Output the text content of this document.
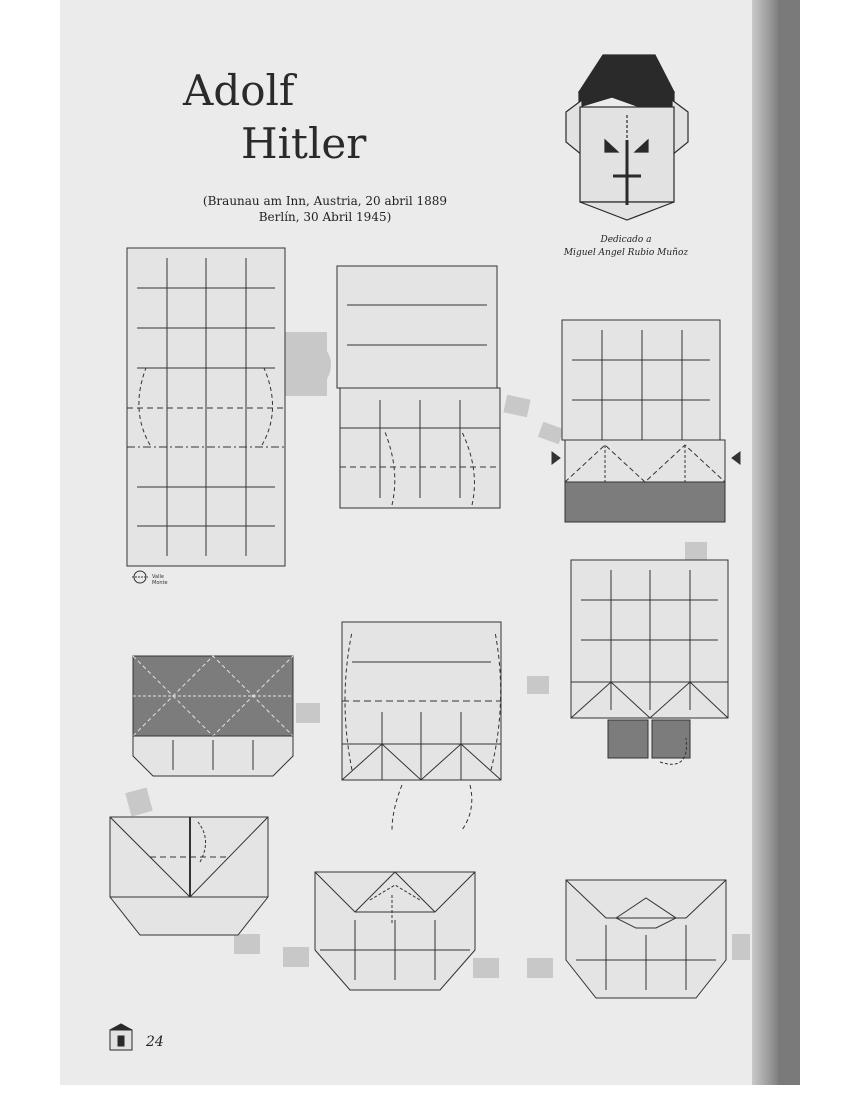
Adolf
Hitler
(Braunau am Inn, Austria, 20 abril 1889
Berlín, 30 Abril 1945)
Dedicado a
Miguel Angel Rubio Muñoz
Valle
Monte
24
